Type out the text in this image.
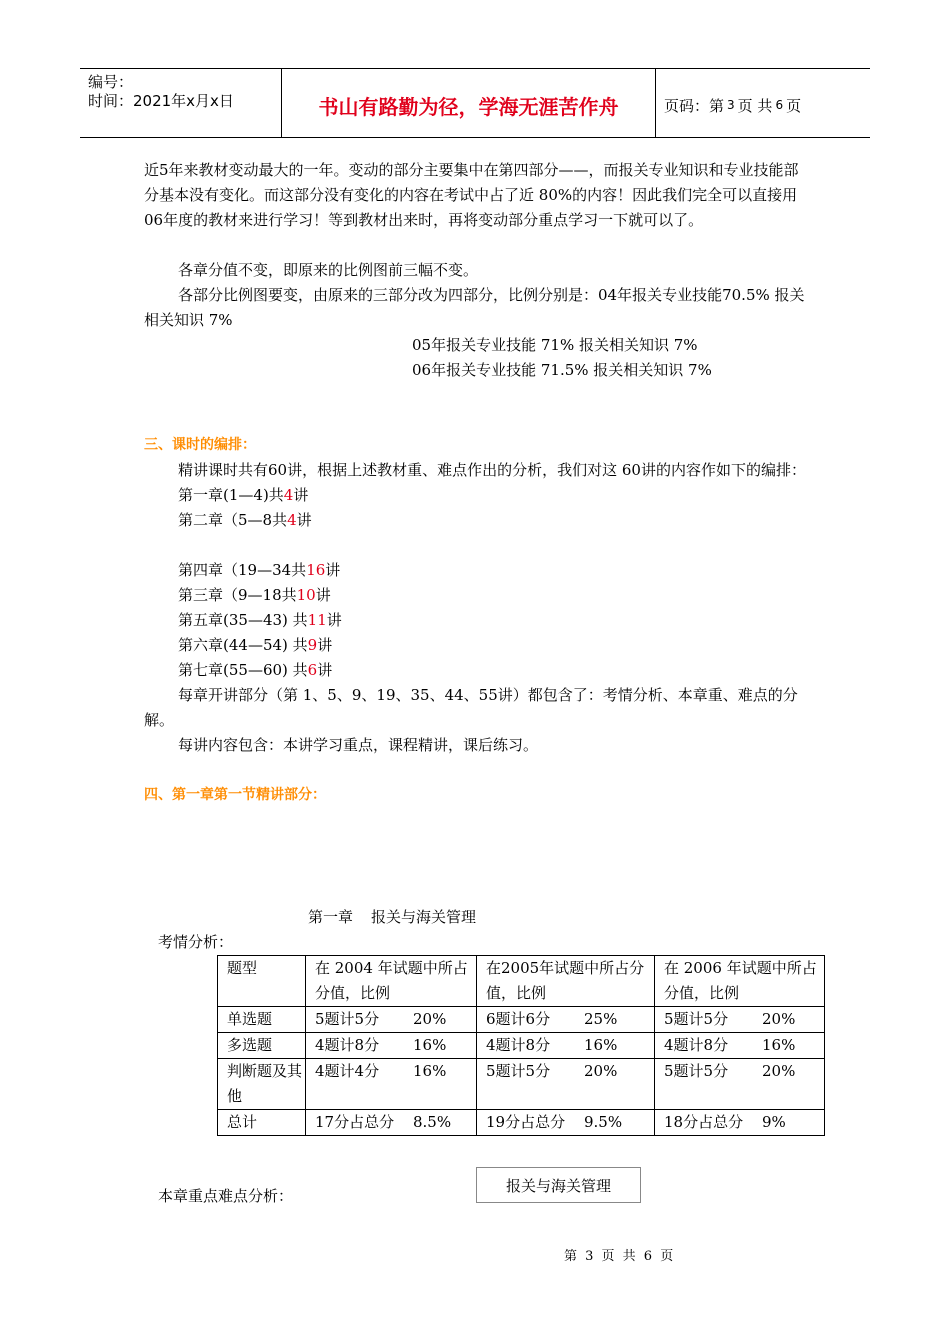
编号：
时间：2021年x月x日	书山有路勤为径，学海无涯苦作舟	页码：第 3 页 共 6 页

近5年来教材变动最大的一年。变动的部分主要集中在第四部分——，而报关专业知识和专业技能部分基本没有变化。而这部分没有变化的内容在考试中占了近 80%的内容！因此我们完全可以直接用06年度的教材来进行学习！等到教材出来时，再将变动部分重点学习一下就可以了。

各章分值不变，即原来的比例图前三幅不变。

各部分比例图要变，由原来的三部分改为四部分，比例分别是：04年报关专业技能70.5% 报关相关知识 7%

05年报关专业技能 71% 报关相关知识 7%

06年报关专业技能 71.5% 报关相关知识 7%

三、课时的编排：

精讲课时共有60讲，根据上述教材重、难点作出的分析，我们对这 60讲的内容作如下的编排：

第一章(1—4)共4讲

第二章（5—8共4讲

第四章（19—34共16讲

第三章（9—18共10讲

第五章(35—43) 共11讲

第六章(44—54) 共9讲

第七章(55—60) 共6讲

每章开讲部分（第 1、5、9、19、35、44、55讲）都包含了：考情分析、本章重、难点的分解。

每讲内容包含：本讲学习重点，课程精讲，课后练习。

四、第一章第一节精讲部分：

第一章 报关与海关管理
考情分析：
题型	在 2004 年试题中所占分值，比例	在2005年试题中所占分值，比例	在 2006 年试题中所占分值，比例
单选题	5题计5分 20%	6题计6分 25%	5题计5分 20%

多选题	4题计8分 16%	4题计8分 16%	4题计8分 16%

判断题及其他	4题计4分 16%	5题计5分 20%	5题计5分 20%

总计	17分占总分 8.5%	19分占总分 9.5%	18分占总分 9%
本章重点难点分析：
报关与海关管理
第 3 页 共 6 页
